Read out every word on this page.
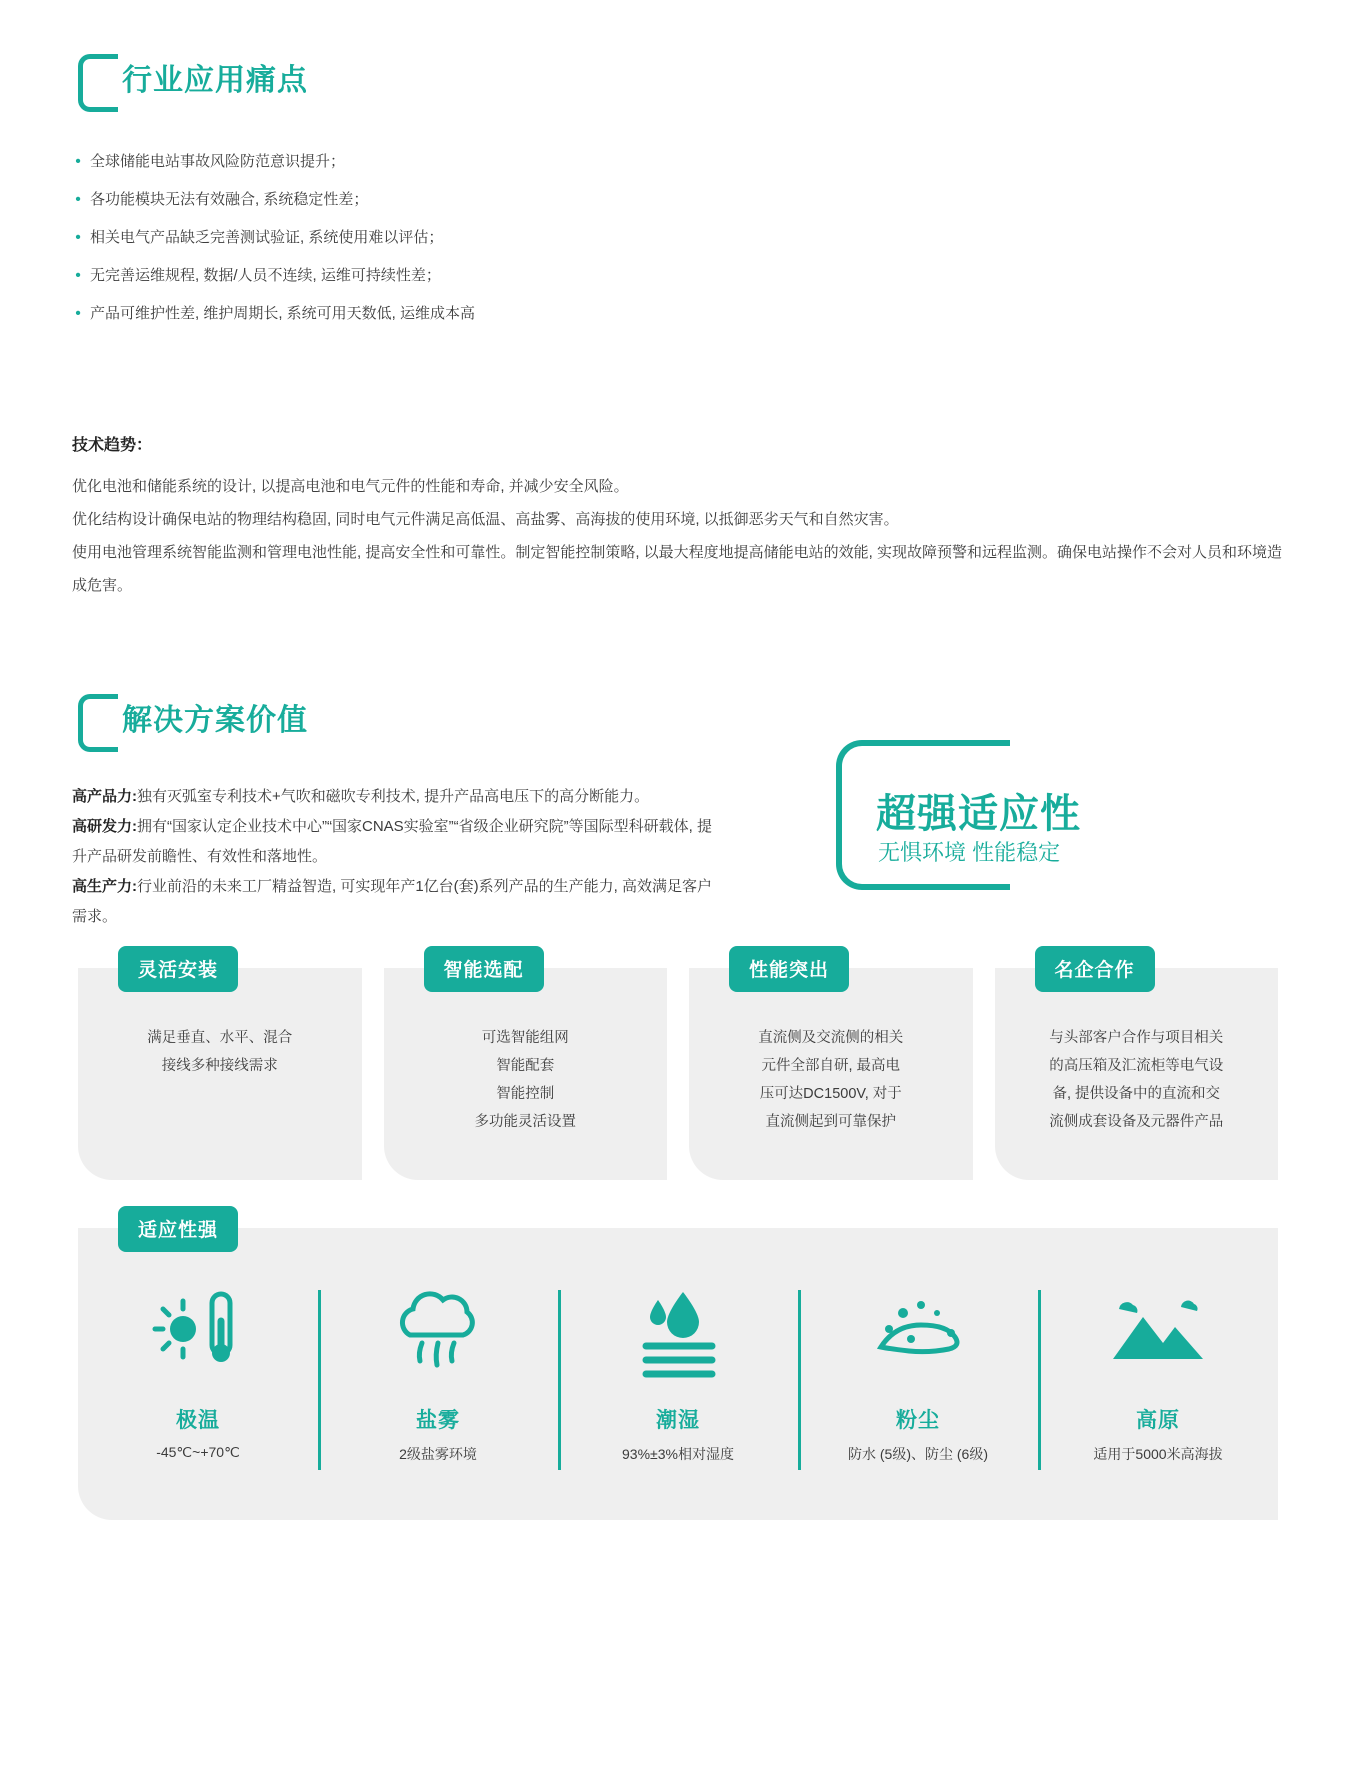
行业应用痛点
• 全球储能电站事故风险防范意识提升；
• 各功能模块无法有效融合, 系统稳定性差；
• 相关电气产品缺乏完善测试验证, 系统使用难以评估；
• 无完善运维规程, 数据/人员不连续, 运维可持续性差；
• 产品可维护性差, 维护周期长, 系统可用天数低, 运维成本高
技术趋势：

优化电池和储能系统的设计, 以提高电池和电气元件的性能和寿命, 并减少安全风险。

优化结构设计确保电站的物理结构稳固, 同时电气元件满足高低温、高盐雾、高海拔的使用环境, 以抵御恶劣天气和自然灾害。

使用电池管理系统智能监测和管理电池性能, 提高安全性和可靠性。制定智能控制策略, 以最大程度地提高储能电站的效能, 实现故障预警和远程监测。确保电站操作不会对人员和环境造成危害。

解决方案价值
高产品力:独有灭弧室专利技术+气吹和磁吹专利技术, 提升产品高电压下的高分断能力。
高研发力:拥有“国家认定企业技术中心”“国家CNAS实验室”“省级企业研究院”等国际型科研载体, 提升产品研发前瞻性、有效性和落地性。
高生产力:行业前沿的未来工厂精益智造, 可实现年产1亿台(套)系列产品的生产能力, 高效满足客户需求。
超强适应性
无惧环境 性能稳定
灵活安装
满足垂直、水平、混合
接线多种接线需求
智能选配
可选智能组网
智能配套
智能控制
多功能灵活设置
性能突出
直流侧及交流侧的相关
元件全部自研, 最高电
压可达DC1500V, 对于
直流侧起到可靠保护
名企合作
与头部客户合作与项目相关
的高压箱及汇流柜等电气设
备, 提供设备中的直流和交
流侧成套设备及元器件产品
适应性强
极温
-45℃~+70℃
盐雾
2级盐雾环境
潮湿
93%±3%相对湿度
粉尘
防水 (5级)、防尘 (6级)
高原
适用于5000米高海拔
